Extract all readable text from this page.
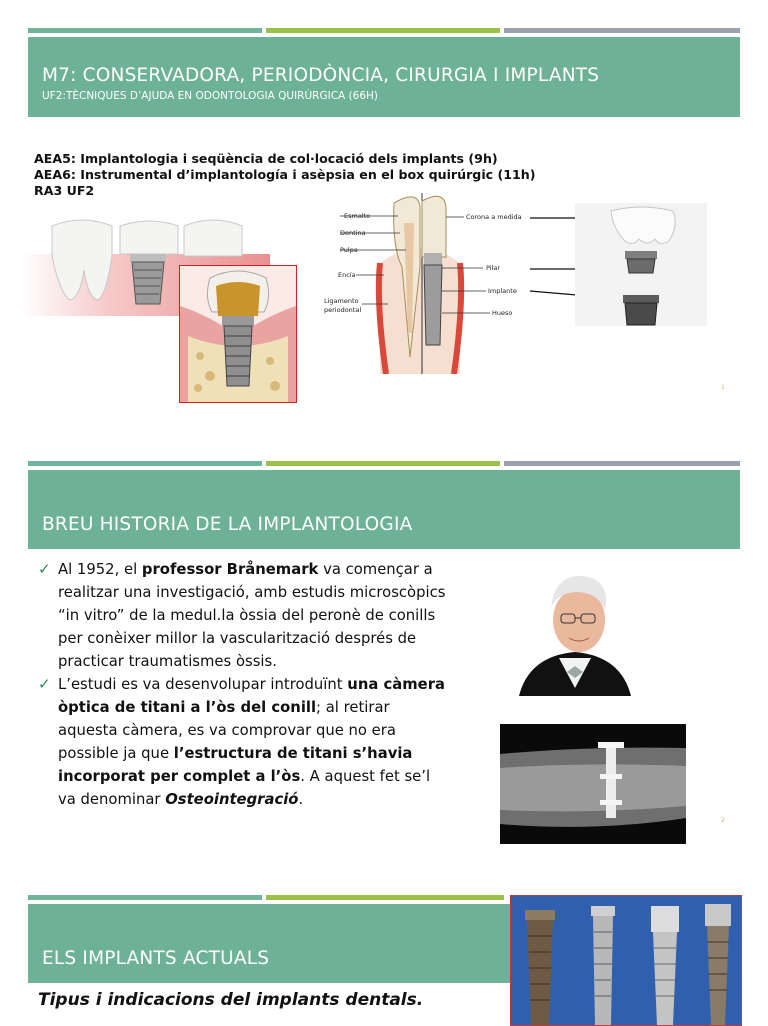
M7: CONSERVADORA, PERIODÒNCIA, CIRURGIA I IMPLANTS
UF2:TÈCNIQUES D’AJUDA EN ODONTOLOGIA QUIRÚRGICA (66H)
AEA5: Implantologia i seqüència de col·locació dels implants (9h)
AEA6: Instrumental d’implantología i asèpsia en el box quirúrgic (11h)
RA3 UF2
Esmalte
Dentina
Pulpa
Encía
Ligamento
periodontal
Corona a medida
Pilar
Implante
Hueso
1
BREU HISTORIA DE LA IMPLANTOLOGIA
✓ Al 1952, el professor Brånemark va començar a realitzar una investigació, amb estudis microscòpics “in vitro” de la medul.la òssia del peronè de conills per conèixer millor la vascularització després de practicar traumatismes òssis.
✓ L’estudi es va desenvolupar introduïnt una càmera òptica de titani a l’òs del conill; al retirar aquesta càmera, es va comprovar que no era possible ja que l’estructura de titani s’havia incorporat per complet a l’òs. A aquest fet se’l va denominar Osteointegració.
2
ELS IMPLANTS ACTUALS
Tipus i indicacions del implants dentals.
